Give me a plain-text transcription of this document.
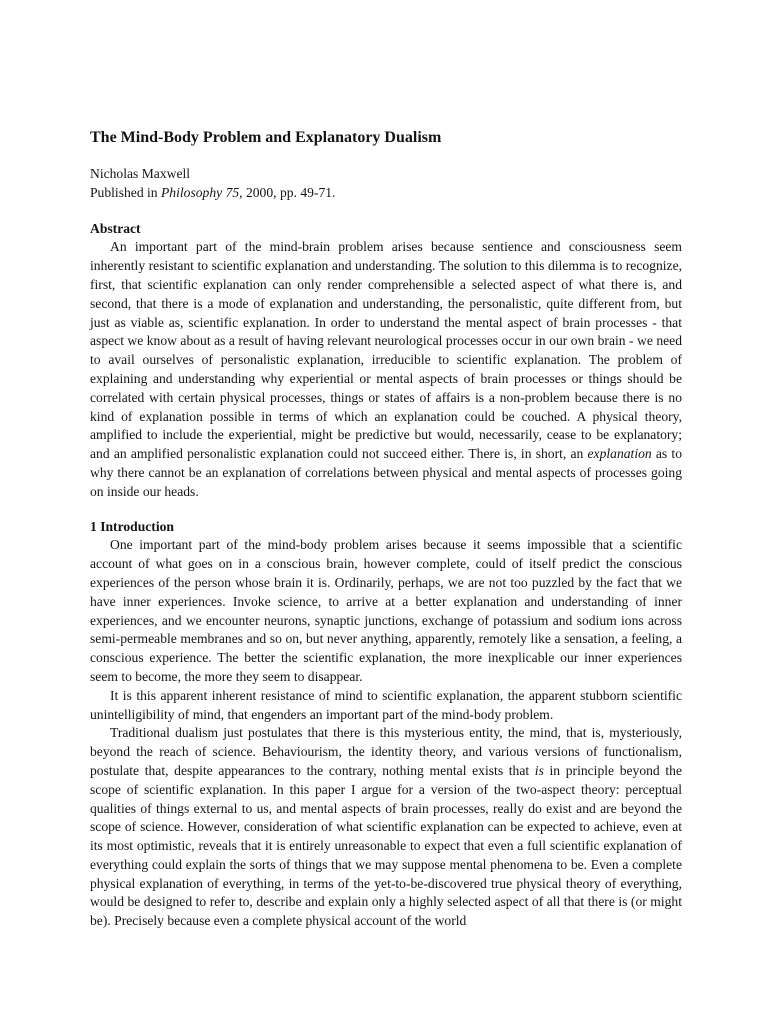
The Mind-Body Problem and Explanatory Dualism

Nicholas Maxwell

Published in Philosophy 75, 2000, pp. 49-71.

Abstract

An important part of the mind-brain problem arises because sentience and consciousness seem inherently resistant to scientific explanation and understanding. The solution to this dilemma is to recognize, first, that scientific explanation can only render comprehensible a selected aspect of what there is, and second, that there is a mode of explanation and understanding, the personalistic, quite different from, but just as viable as, scientific explanation. In order to understand the mental aspect of brain processes - that aspect we know about as a result of having relevant neurological processes occur in our own brain - we need to avail ourselves of personalistic explanation, irreducible to scientific explanation. The problem of explaining and understanding why experiential or mental aspects of brain processes or things should be correlated with certain physical processes, things or states of affairs is a non-problem because there is no kind of explanation possible in terms of which an explanation could be couched. A physical theory, amplified to include the experiential, might be predictive but would, necessarily, cease to be explanatory; and an amplified personalistic explanation could not succeed either. There is, in short, an explanation as to why there cannot be an explanation of correlations between physical and mental aspects of processes going on inside our heads.

1 Introduction

One important part of the mind-body problem arises because it seems impossible that a scientific account of what goes on in a conscious brain, however complete, could of itself predict the conscious experiences of the person whose brain it is. Ordinarily, perhaps, we are not too puzzled by the fact that we have inner experiences. Invoke science, to arrive at a better explanation and understanding of inner experiences, and we encounter neurons, synaptic junctions, exchange of potassium and sodium ions across semi-permeable membranes and so on, but never anything, apparently, remotely like a sensation, a feeling, a conscious experience. The better the scientific explanation, the more inexplicable our inner experiences seem to become, the more they seem to disappear.

It is this apparent inherent resistance of mind to scientific explanation, the apparent stubborn scientific unintelligibility of mind, that engenders an important part of the mind-body problem.

Traditional dualism just postulates that there is this mysterious entity, the mind, that is, mysteriously, beyond the reach of science. Behaviourism, the identity theory, and various versions of functionalism, postulate that, despite appearances to the contrary, nothing mental exists that is in principle beyond the scope of scientific explanation. In this paper I argue for a version of the two-aspect theory: perceptual qualities of things external to us, and mental aspects of brain processes, really do exist and are beyond the scope of science. However, consideration of what scientific explanation can be expected to achieve, even at its most optimistic, reveals that it is entirely unreasonable to expect that even a full scientific explanation of everything could explain the sorts of things that we may suppose mental phenomena to be. Even a complete physical explanation of everything, in terms of the yet-to-be-discovered true physical theory of everything, would be designed to refer to, describe and explain only a highly selected aspect of all that there is (or might be). Precisely because even a complete physical account of the world
